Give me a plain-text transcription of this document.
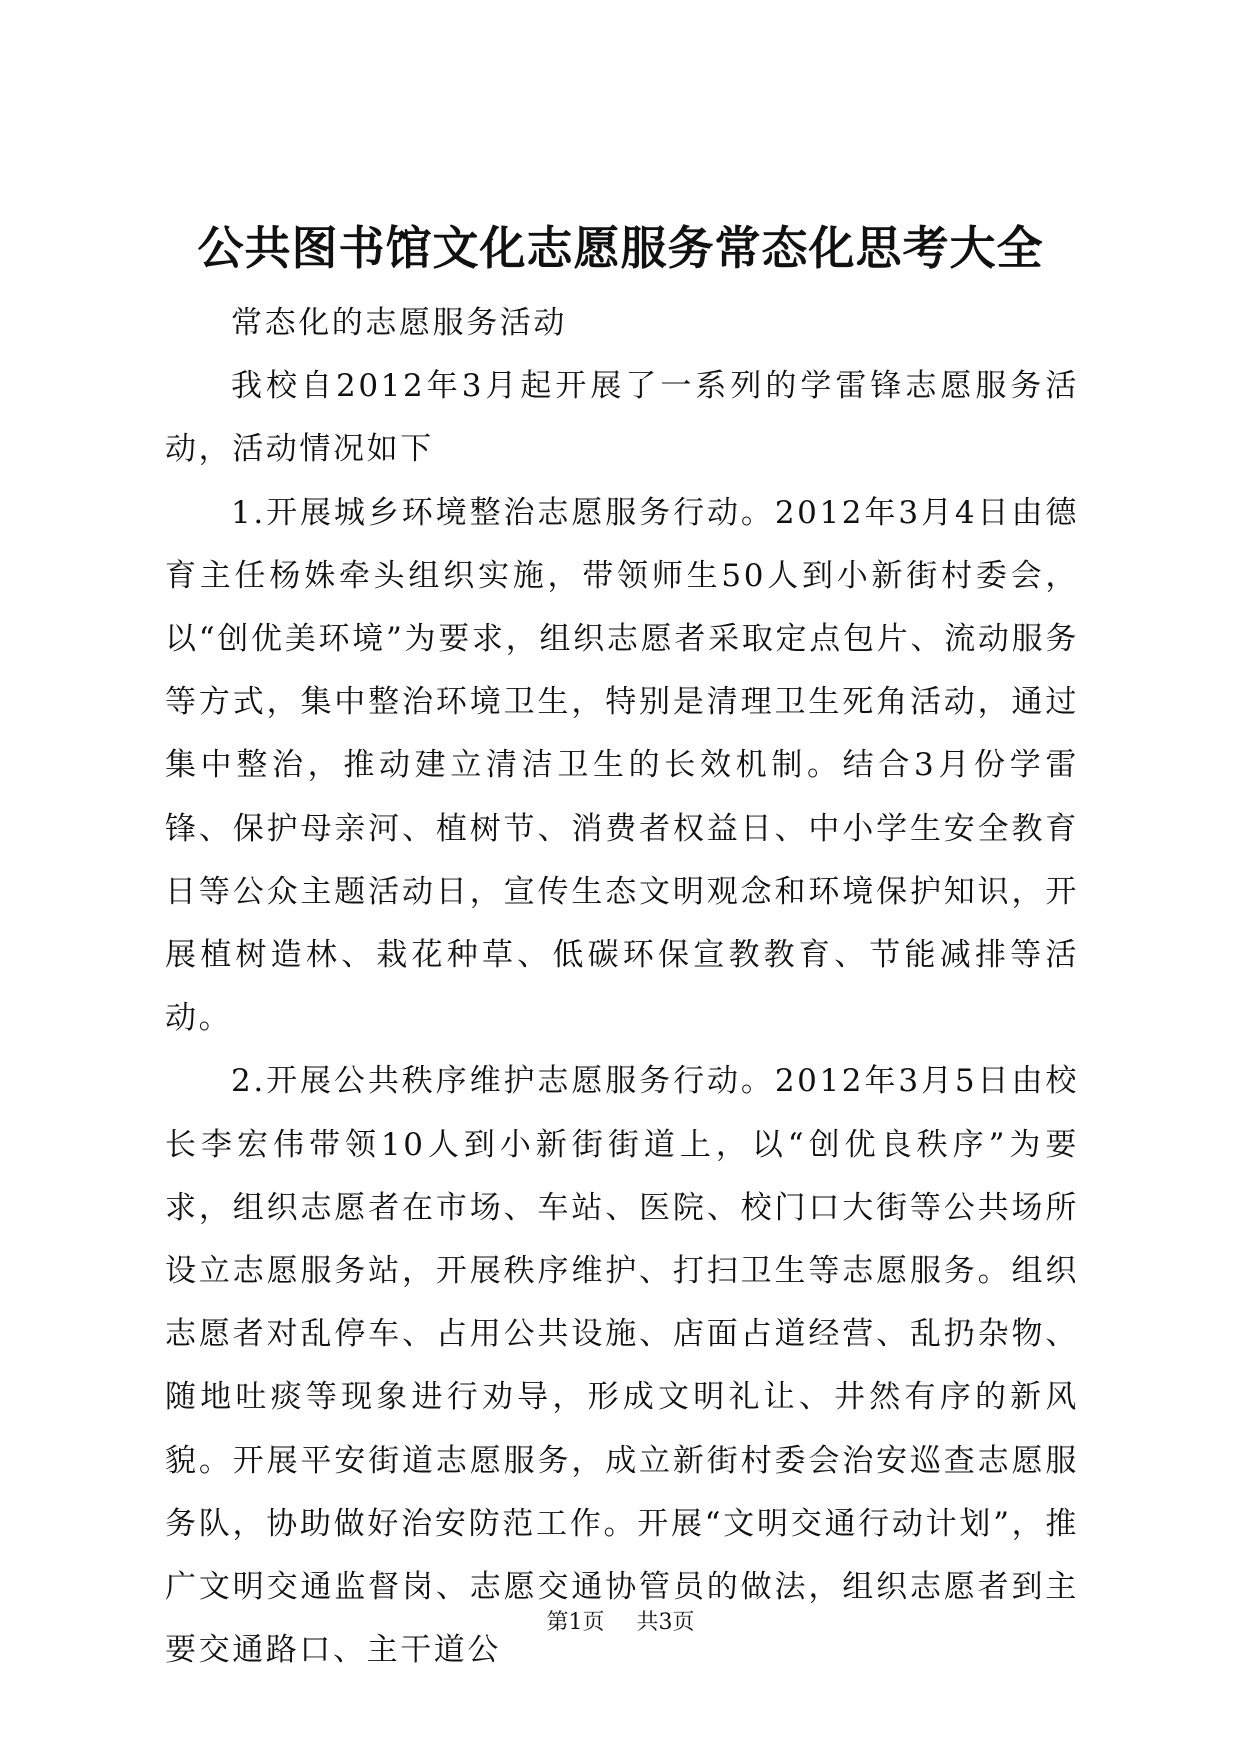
公共图书馆文化志愿服务常态化思考大全

常态化的志愿服务活动

我校自2012年3月起开展了一系列的学雷锋志愿服务活动，活动情况如下

1.开展城乡环境整治志愿服务行动。2012年3月4日由德育主任杨姝牵头组织实施，带领师生50人到小新街村委会，以“创优美环境”为要求，组织志愿者采取定点包片、流动服务等方式，集中整治环境卫生，特别是清理卫生死角活动，通过集中整治，推动建立清洁卫生的长效机制。结合3月份学雷锋、保护母亲河、植树节、消费者权益日、中小学生安全教育日等公众主题活动日，宣传生态文明观念和环境保护知识，开展植树造林、栽花种草、低碳环保宣教教育、节能减排等活动。

2.开展公共秩序维护志愿服务行动。2012年3月5日由校长李宏伟带领10人到小新街街道上，以“创优良秩序”为要求，组织志愿者在市场、车站、医院、校门口大街等公共场所设立志愿服务站，开展秩序维护、打扫卫生等志愿服务。组织志愿者对乱停车、占用公共设施、店面占道经营、乱扔杂物、随地吐痰等现象进行劝导，形成文明礼让、井然有序的新风貌。开展平安街道志愿服务，成立新街村委会治安巡查志愿服务队，协助做好治安防范工作。开展“文明交通行动计划”，推广文明交通监督岗、志愿交通协管员的做法，组织志愿者到主要交通路口、主干道公

第1页 共3页
